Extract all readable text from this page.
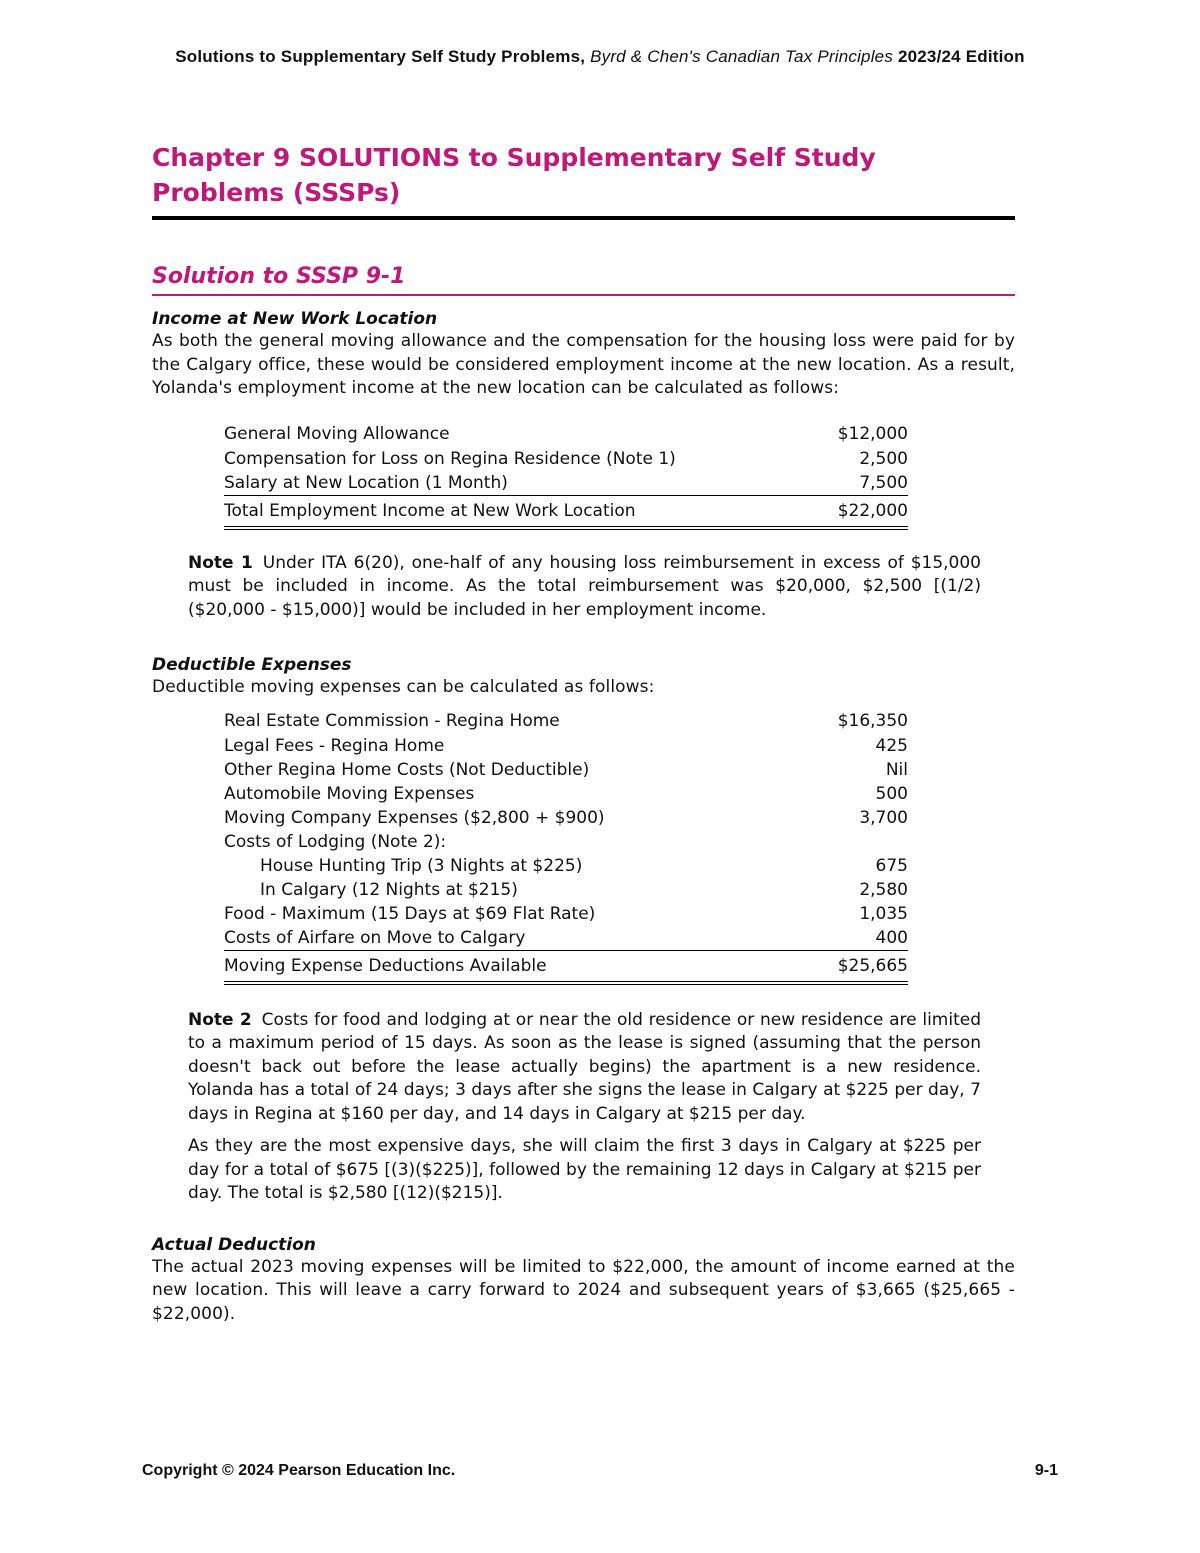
Solutions to Supplementary Self Study Problems, Byrd & Chen's Canadian Tax Principles 2023/24 Edition
Chapter 9 SOLUTIONS to Supplementary Self Study Problems (SSSPs)
Solution to SSSP 9-1

Income at New Work Location

As both the general moving allowance and the compensation for the housing loss were paid for by the Calgary office, these would be considered employment income at the new location. As a result, Yolanda's employment income at the new location can be calculated as follows:

General Moving Allowance	$12,000
Compensation for Loss on Regina Residence (Note 1)	2,500
Salary at New Location (1 Month)	7,500
Total Employment Income at New Work Location	$22,000

Note 1 Under ITA 6(20), one-half of any housing loss reimbursement in excess of $15,000 must be included in income. As the total reimbursement was $20,000, $2,500 [(1/2)($20,000 - $15,000)] would be included in her employment income.

Deductible Expenses

Deductible moving expenses can be calculated as follows:

Real Estate Commission - Regina Home	$16,350
Legal Fees - Regina Home	425
Other Regina Home Costs (Not Deductible)	Nil
Automobile Moving Expenses	500
Moving Company Expenses ($2,800 + $900)	3,700
Costs of Lodging (Note 2):	
House Hunting Trip (3 Nights at $225)	675
In Calgary (12 Nights at $215)	2,580
Food - Maximum (15 Days at $69 Flat Rate)	1,035
Costs of Airfare on Move to Calgary	400
Moving Expense Deductions Available	$25,665

Note 2 Costs for food and lodging at or near the old residence or new residence are limited to a maximum period of 15 days. As soon as the lease is signed (assuming that the person doesn't back out before the lease actually begins) the apartment is a new residence. Yolanda has a total of 24 days; 3 days after she signs the lease in Calgary at $225 per day, 7 days in Regina at $160 per day, and 14 days in Calgary at $215 per day.

As they are the most expensive days, she will claim the first 3 days in Calgary at $225 per day for a total of $675 [(3)($225)], followed by the remaining 12 days in Calgary at $215 per day. The total is $2,580 [(12)($215)].

Actual Deduction

The actual 2023 moving expenses will be limited to $22,000, the amount of income earned at the new location. This will leave a carry forward to 2024 and subsequent years of $3,665 ($25,665 - $22,000).

Copyright © 2024 Pearson Education Inc.	9-1
